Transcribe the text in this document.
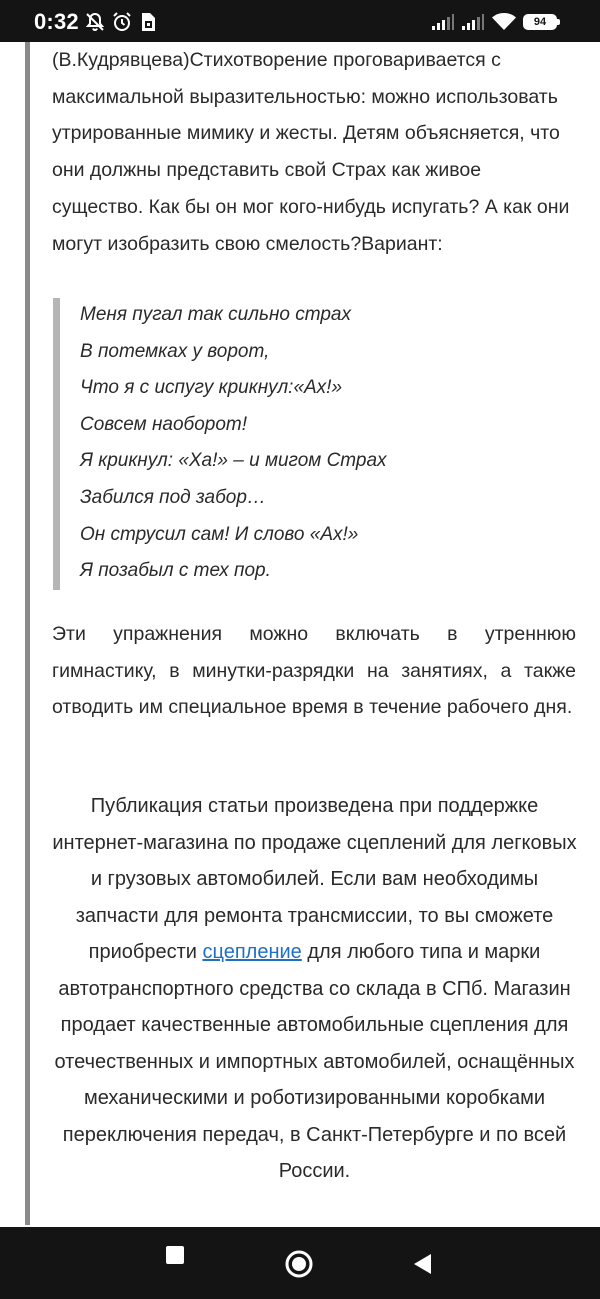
0:32	94

(В.Кудрявцева)Стихотворение проговаривается с максимальной выразительностью: можно использовать утрированные мимику и жесты. Детям объясняется, что они должны представить свой Страх как живое существо. Как бы он мог кого-нибудь испугать? А как они могут изобразить свою смелость?Вариант:

Меня пугал так сильно страх
В потемках у ворот,
Что я с испугу крикнул:«Ах!»
Совсем наоборот!
Я крикнул: «Ха!» – и мигом Страх
Забился под забор…
Он струсил сам! И слово «Ах!»
Я позабыл с тех пор.

Эти упражнения можно включать в утреннюю гимнастику, в минутки-разрядки на занятиях, а также отводить им специальное время в течение рабочего дня.

Публикация статьи произведена при поддержке интернет-магазина по продаже сцеплений для легковых и грузовых автомобилей. Если вам необходимы запчасти для ремонта трансмиссии, то вы сможете приобрести сцепление для любого типа и марки автотранспортного средства со склада в СПб. Магазин продает качественные автомобильные сцепления для отечественных и импортных автомобилей, оснащённых механическими и роботизированными коробками переключения передач, в Санкт-Петербурге и по всей России.
